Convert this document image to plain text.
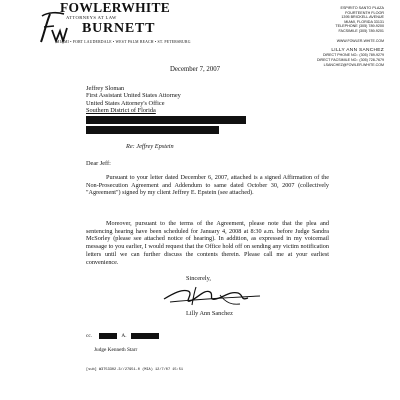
FOWLERWHITE
ATTORNEYS AT LAW
BURNETT
MIAMI • FORT LAUDERDALE • WEST PALM BEACH • ST. PETERSBURG
ESPIRITO SANTO PLAZA
FOURTEENTH FLOOR
1395 BRICKELL AVENUE
MIAMI, FLORIDA 33131
TELEPHONE (305) 789-9200
FACSIMILE (305) 789-9201
WWW.FOWLER-WHITE.COM
LILLY ANN SANCHEZ
DIRECT PHONE NO.: (305) 789-9279
DIRECT FACSIMILE NO.: (305) 728-7679
LSANCHEZ@FOWLER-WHITE.COM
December 7, 2007
Jeffrey Sloman
First Assistant United States Attorney
United States Attorney's Office
Southern District of Florida
Re: Jeffrey Epstein
Dear Jeff:
Pursuant to your letter dated December 6, 2007, attached is a signed Affirmation of the Non-Prosecution Agreement and Addendum to same dated October 30, 2007 (collectively "Agreement") signed by my client Jeffrey E. Epstein (see attached).
Moreover, pursuant to the terms of the Agreement, please note that the plea and sentencing hearing have been scheduled for January 4, 2008 at 8:30 a.m. before Judge Sandra McSorley (please see attached notice of hearing). In addition, as expressed in my voicemail message to you earlier, I would request that the Office hold off on sending any victim notification letters until we can further discuss the contents therein. Please call me at your earliest convenience.
Sincerely,
Lilly Ann Sanchez
cc.	A.
Judge Kenneth Starr
[sub] W3753302.3//27951-0 (MIA) 12/7/07 15:51
